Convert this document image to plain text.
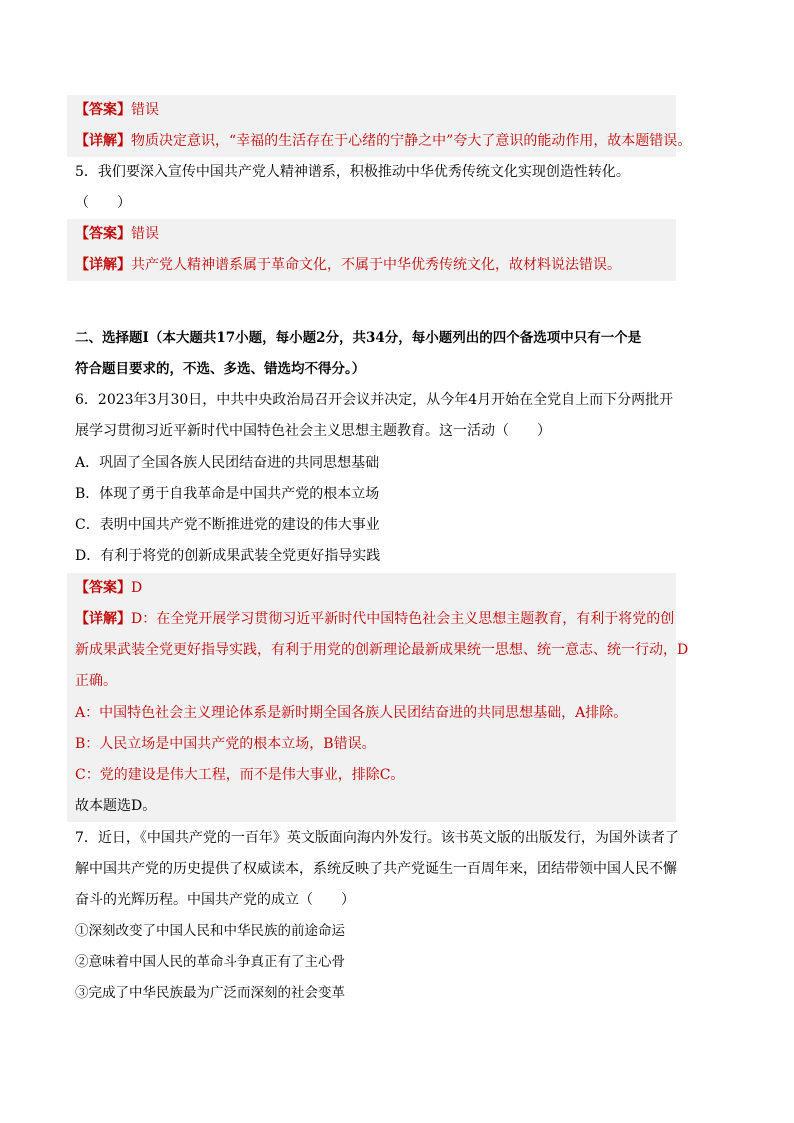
【答案】错误
【详解】物质决定意识，“幸福的生活存在于心绪的宁静之中”夸大了意识的能动作用，故本题错误。
5．我们要深入宣传中国共产党人精神谱系，积极推动中华优秀传统文化实现创造性转化。
（　　）
【答案】错误
【详解】共产党人精神谱系属于革命文化，不属于中华优秀传统文化，故材料说法错误。
二、选择题Ⅰ（本大题共17小题，每小题2分，共34分，每小题列出的四个备选项中只有一个是
符合题目要求的，不选、多选、错选均不得分。）
6．2023年3月30日，中共中央政治局召开会议并决定，从今年4月开始在全党自上而下分两批开
展学习贯彻习近平新时代中国特色社会主义思想主题教育。这一活动（　　）
A．巩固了全国各族人民团结奋进的共同思想基础
B．体现了勇于自我革命是中国共产党的根本立场
C．表明中国共产党不断推进党的建设的伟大事业
D．有利于将党的创新成果武装全党更好指导实践
【答案】D
【详解】D：在全党开展学习贯彻习近平新时代中国特色社会主义思想主题教育，有利于将党的创
新成果武装全党更好指导实践，有利于用党的创新理论最新成果统一思想、统一意志、统一行动，D
正确。
A：中国特色社会主义理论体系是新时期全国各族人民团结奋进的共同思想基础，A排除。
B：人民立场是中国共产党的根本立场，B错误。
C：党的建设是伟大工程，而不是伟大事业，排除C。
故本题选D。
7．近日，《中国共产党的一百年》英文版面向海内外发行。该书英文版的出版发行，为国外读者了
解中国共产党的历史提供了权威读本，系统反映了共产党诞生一百周年来，团结带领中国人民不懈
奋斗的光辉历程。中国共产党的成立（　　）
①深刻改变了中国人民和中华民族的前途命运
②意味着中国人民的革命斗争真正有了主心骨
③完成了中华民族最为广泛而深刻的社会变革
